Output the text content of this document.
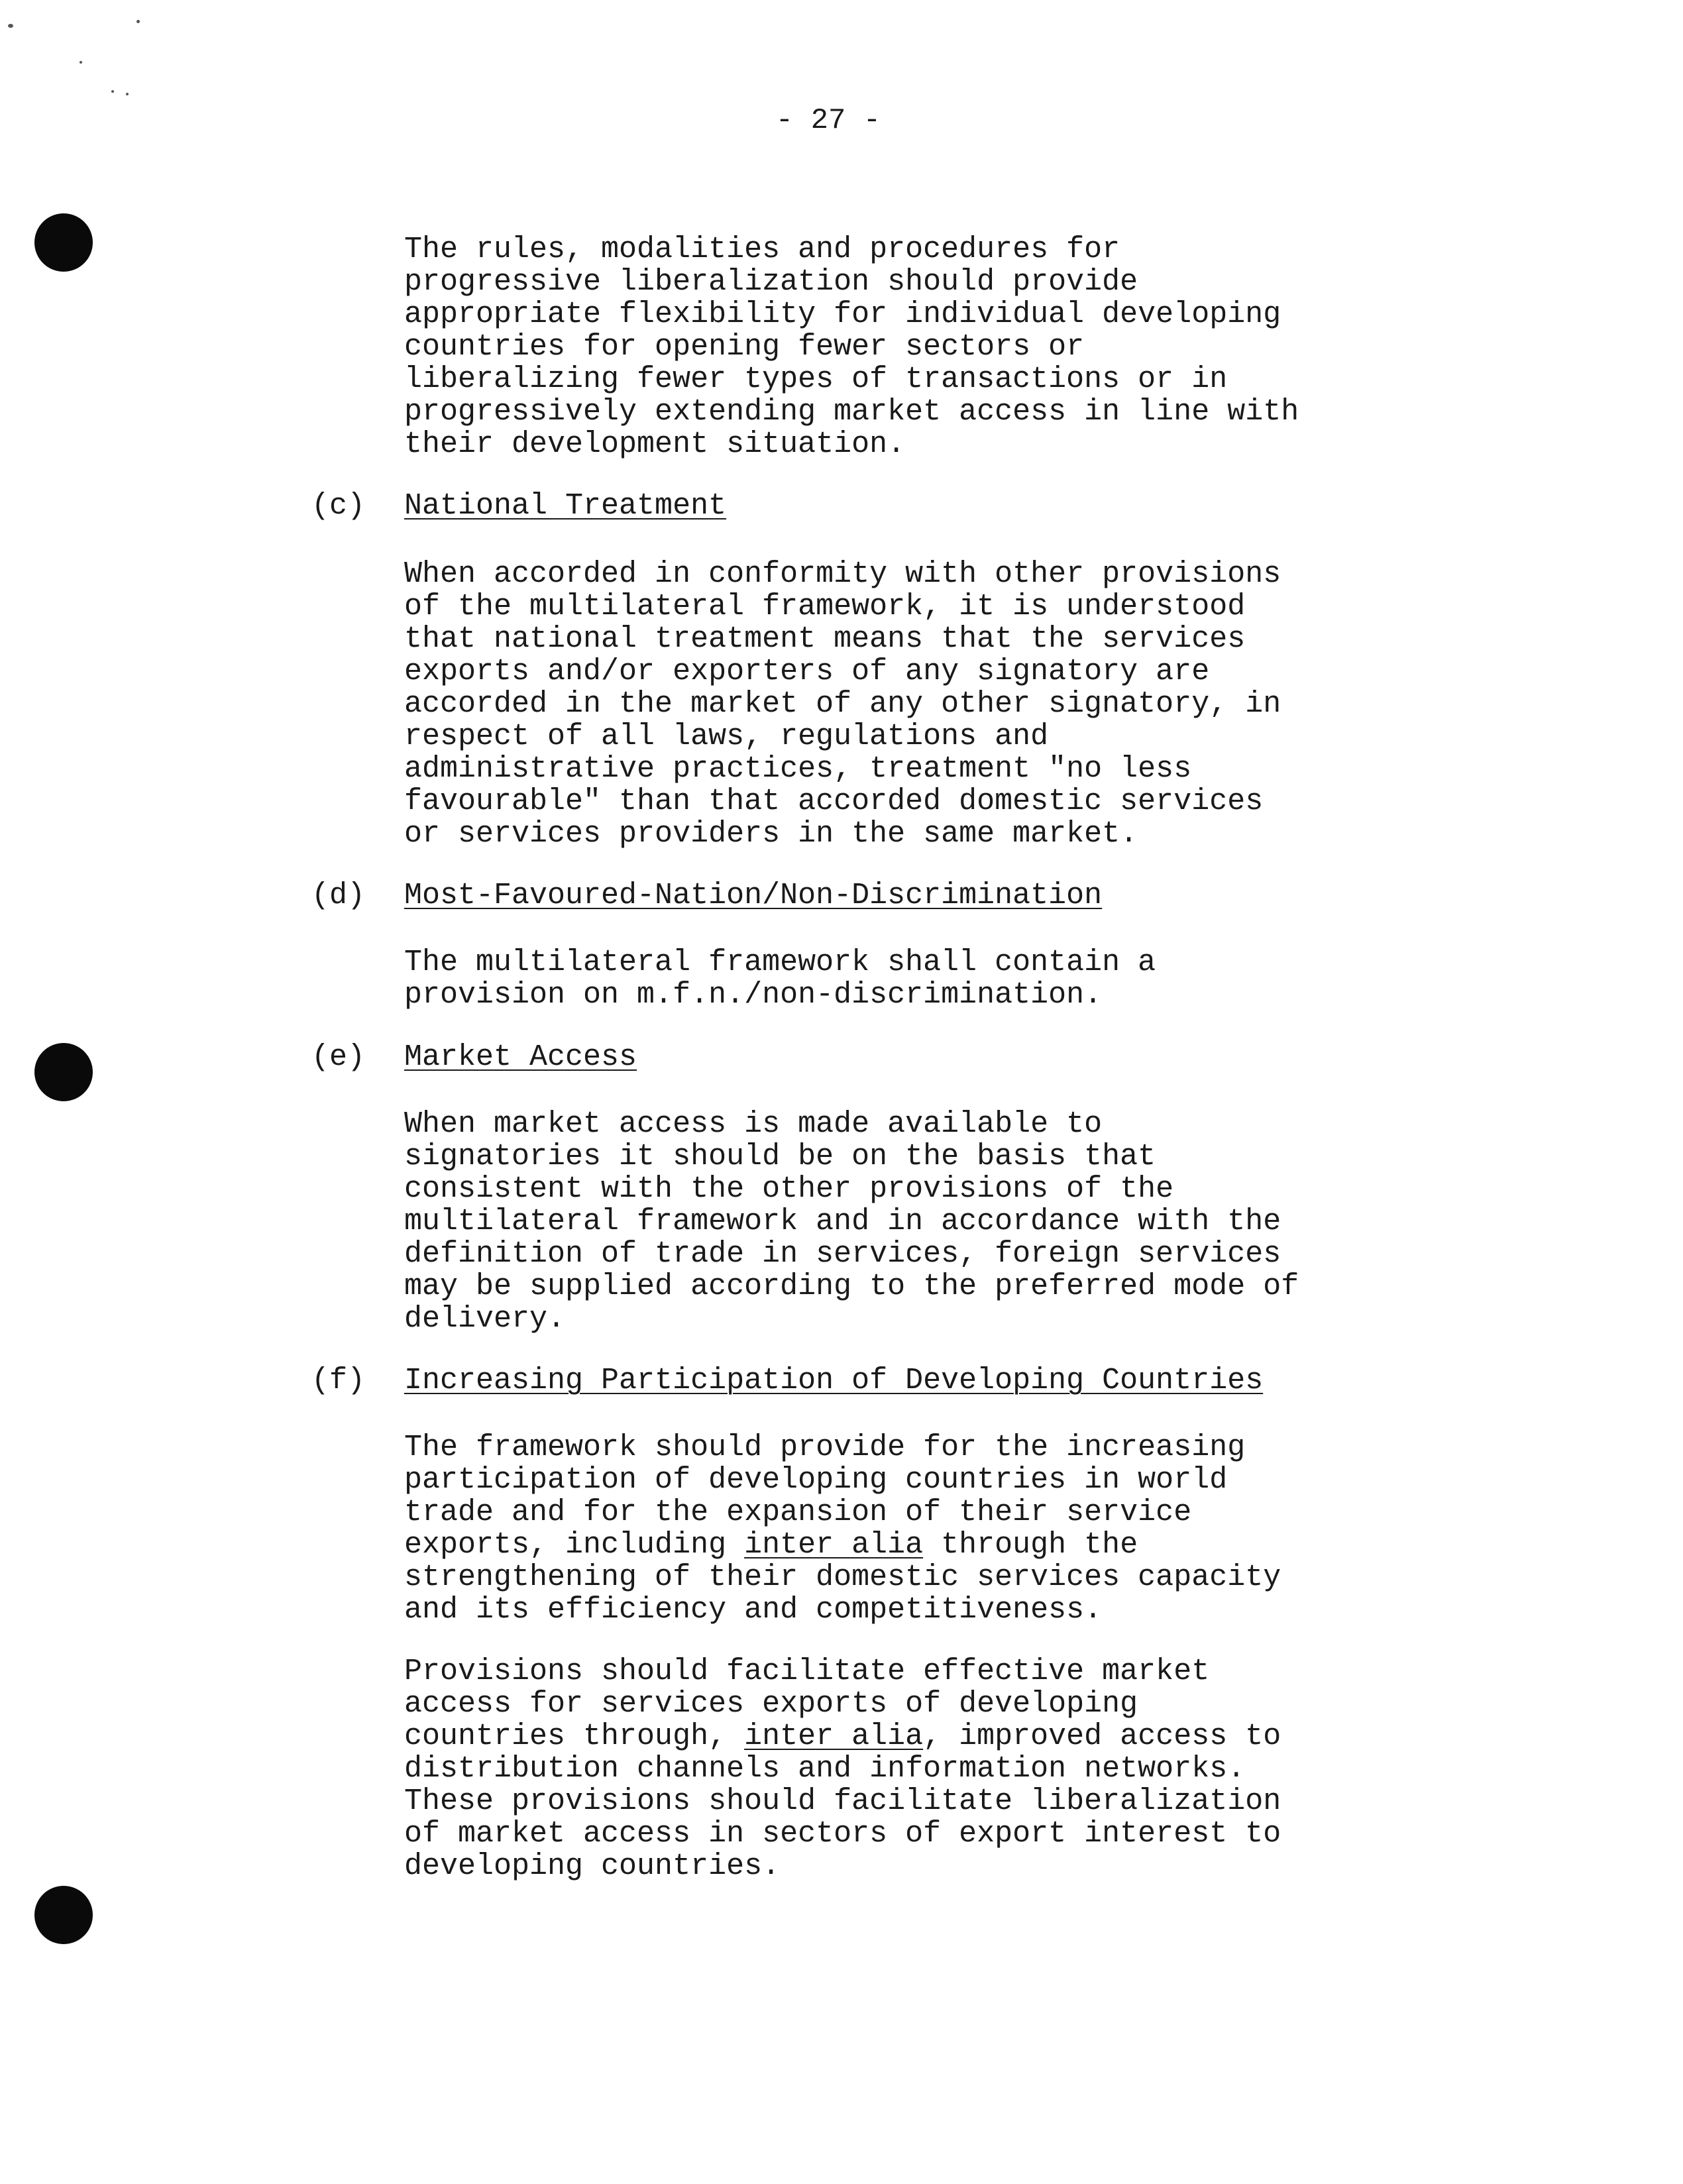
- 27 -

The rules, modalities and procedures for
progressive liberalization should provide
appropriate flexibility for individual developing
countries for opening fewer sectors or
liberalizing fewer types of transactions or in
progressively extending market access in line with
their development situation.

(c) National Treatment

When accorded in conformity with other provisions
of the multilateral framework, it is understood
that national treatment means that the services
exports and/or exporters of any signatory are
accorded in the market of any other signatory, in
respect of all laws, regulations and
administrative practices, treatment "no less
favourable" than that accorded domestic services
or services providers in the same market.

(d) Most-Favoured-Nation/Non-Discrimination

The multilateral framework shall contain a
provision on m.f.n./non-discrimination.

(e) Market Access

When market access is made available to
signatories it should be on the basis that
consistent with the other provisions of the
multilateral framework and in accordance with the
definition of trade in services, foreign services
may be supplied according to the preferred mode of
delivery.

(f) Increasing Participation of Developing Countries

The framework should provide for the increasing
participation of developing countries in world
trade and for the expansion of their service
exports, including inter alia through the
strengthening of their domestic services capacity
and its efficiency and competitiveness.

Provisions should facilitate effective market
access for services exports of developing
countries through, inter alia, improved access to
distribution channels and information networks.
These provisions should facilitate liberalization
of market access in sectors of export interest to
developing countries.
